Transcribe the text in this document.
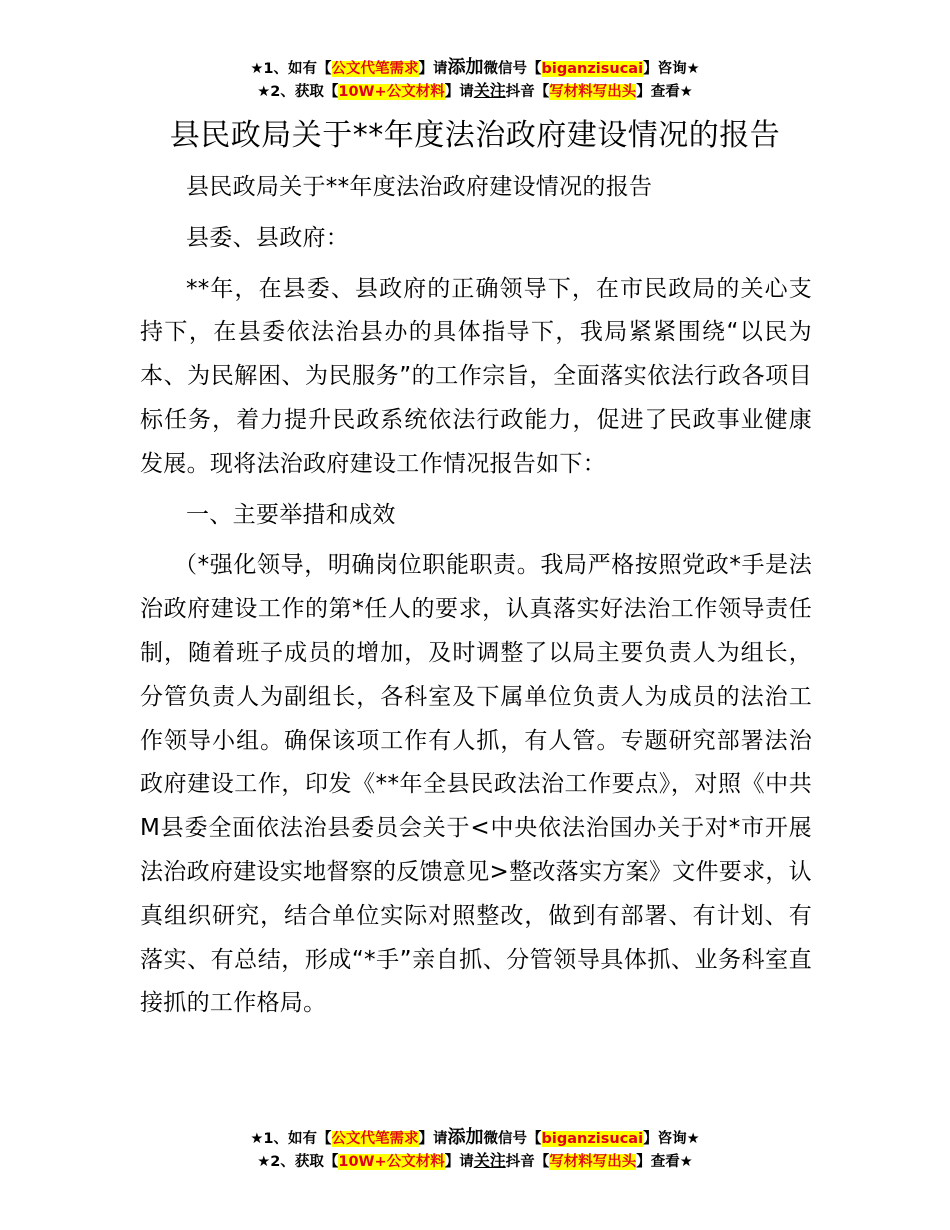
★1、如有【公文代笔需求】请添加微信号【biganzisucai】咨询★
★2、获取【10W+公文材料】请关注抖音【写材料写出头】查看★
县民政局关于**年度法治政府建设情况的报告

县民政局关于**年度法治政府建设情况的报告

县委、县政府：

**年，在县委、县政府的正确领导下，在市民政局的关心支持下，在县委依法治县办的具体指导下，我局紧紧围绕“以民为本、为民解困、为民服务”的工作宗旨，全面落实依法行政各项目标任务，着力提升民政系统依法行政能力，促进了民政事业健康发展。现将法治政府建设工作情况报告如下：

一、主要举措和成效

（*强化领导，明确岗位职能职责。我局严格按照党政*手是法治政府建设工作的第*任人的要求，认真落实好法治工作领导责任制，随着班子成员的增加，及时调整了以局主要负责人为组长，分管负责人为副组长，各科室及下属单位负责人为成员的法治工作领导小组。确保该项工作有人抓，有人管。专题研究部署法治政府建设工作，印发《**年全县民政法治工作要点》，对照《中共M县委全面依法治县委员会关于<中央依法治国办关于对*市开展法治政府建设实地督察的反馈意见>整改落实方案》文件要求，认真组织研究，结合单位实际对照整改，做到有部署、有计划、有落实、有总结，形成“*手”亲自抓、分管领导具体抓、业务科室直接抓的工作格局。

★1、如有【公文代笔需求】请添加微信号【biganzisucai】咨询★
★2、获取【10W+公文材料】请关注抖音【写材料写出头】查看★
